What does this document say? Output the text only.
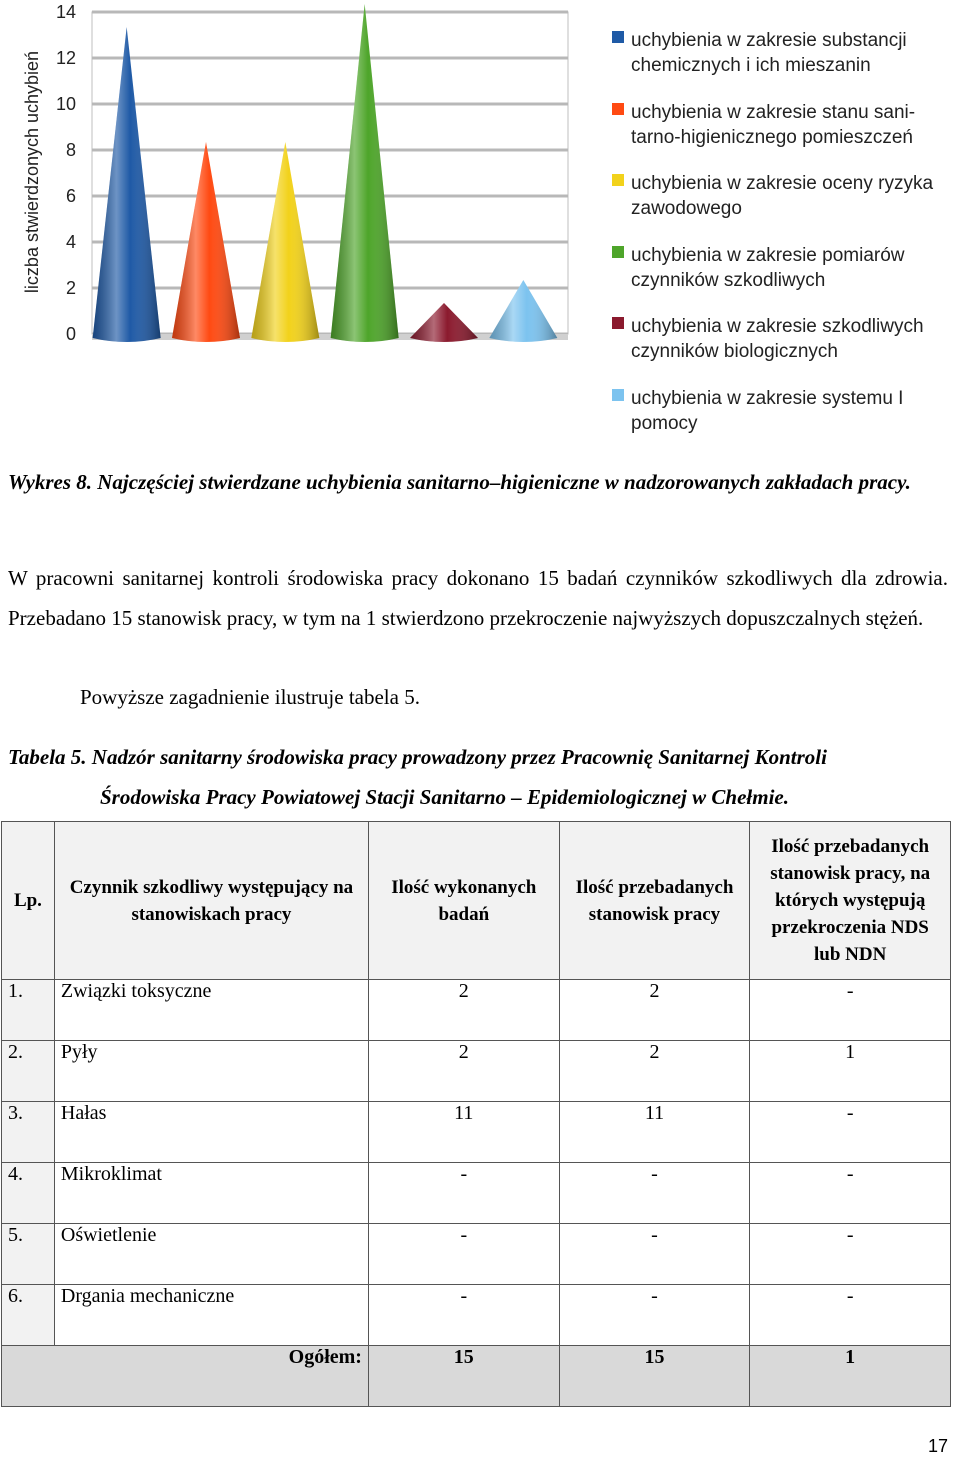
liczba stwierdzonych uchybień
0
2
4
6
8
10
12
14
uchybienia w zakresie substancji
chemicznych i ich mieszanin
uchybienia w zakresie stanu sani-
tarno-higienicznego pomieszczeń
uchybienia w zakresie oceny ryzyka
zawodowego
uchybienia w zakresie pomiarów
czynników szkodliwych
uchybienia w zakresie szkodliwych
czynników biologicznych
uchybienia w zakresie systemu I
pomocy
Wykres 8. Najczęściej stwierdzane uchybienia sanitarno–higieniczne w nadzorowanych zakładach pracy.
W pracowni sanitarnej kontroli środowiska pracy dokonano 15 badań czynników szkodliwych dla zdrowia. Przebadano 15 stanowisk pracy, w tym na 1 stwierdzono przekroczenie najwyższych dopuszczalnych stężeń.
Powyższe zagadnienie ilustruje tabela 5.
Tabela 5. Nadzór sanitarny środowiska pracy prowadzony przez Pracownię Sanitarnej Kontroli
Środowiska Pracy Powiatowej Stacji Sanitarno – Epidemiologicznej w Chełmie.
Lp.	Czynnik szkodliwy występujący na stanowiskach pracy	Ilość wykonanych badań	Ilość przebadanych stanowisk pracy	Ilość przebadanych stanowisk pracy, na których występują przekroczenia NDS lub NDN
1.	Związki toksyczne	2	2	-
2.	Pyły	2	2	1
3.	Hałas	11	11	-
4.	Mikroklimat	-	-	-
5.	Oświetlenie	-	-	-
6.	Drgania mechaniczne	-	-	-
Ogółem:		15	15	1
17
